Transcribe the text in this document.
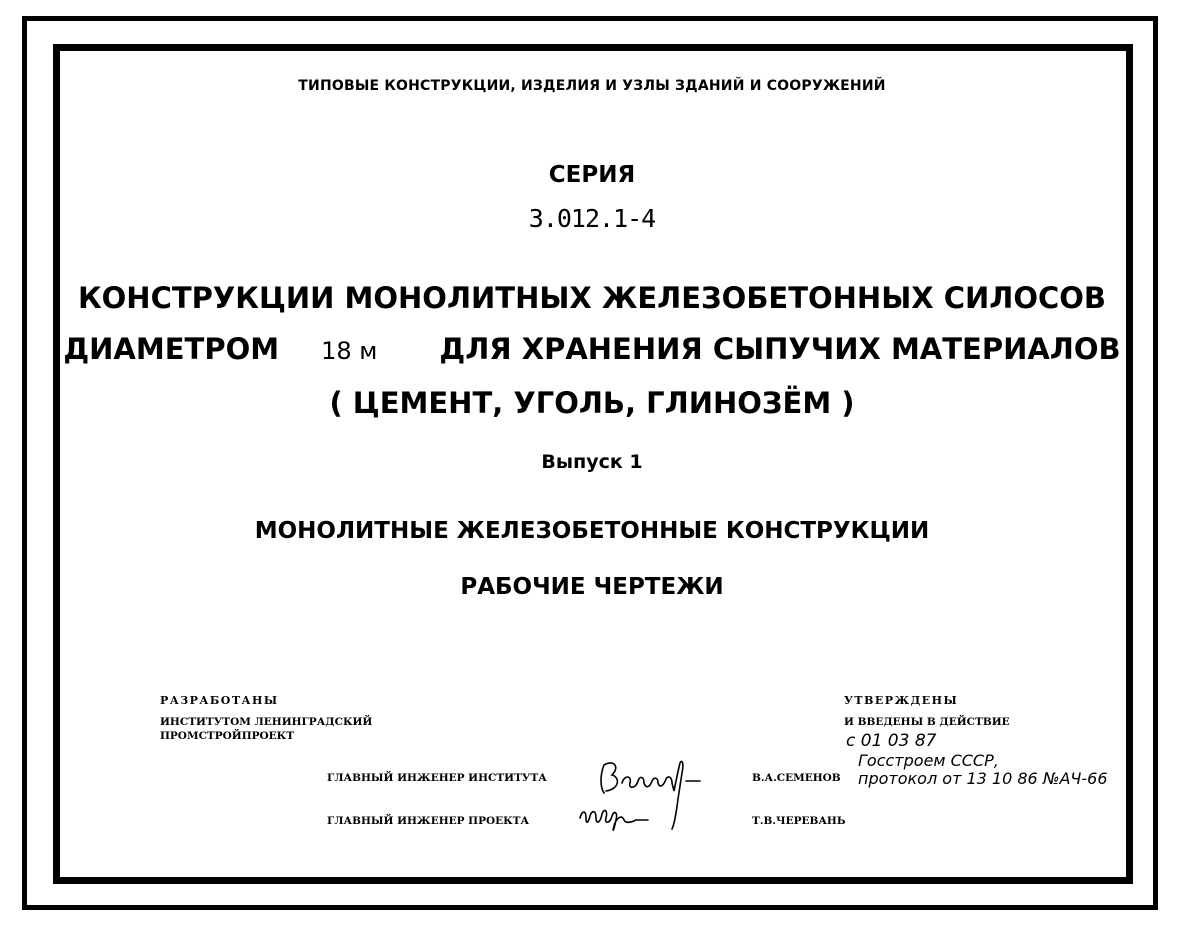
ТИПОВЫЕ КОНСТРУКЦИИ, ИЗДЕЛИЯ И УЗЛЫ ЗДАНИЙ И СООРУЖЕНИЙ
СЕРИЯ
3.012.1-4
КОНСТРУКЦИИ МОНОЛИТНЫХ ЖЕЛЕЗОБЕТОННЫХ СИЛОСОВ
ДИАМЕТРОМ 18 м ДЛЯ ХРАНЕНИЯ СЫПУЧИХ МАТЕРИАЛОВ
( ЦЕМЕНТ, УГОЛЬ, ГЛИНОЗЁМ )
Выпуск 1
МОНОЛИТНЫЕ ЖЕЛЕЗОБЕТОННЫЕ КОНСТРУКЦИИ
РАБОЧИЕ ЧЕРТЕЖИ
РАЗРАБОТАНЫ
ИНСТИТУТОМ ЛЕНИНГРАДСКИЙ
ПРОМСТРОЙПРОЕКТ
УТВЕРЖДЕНЫ
И ВВЕДЕНЫ В ДЕЙСТВИЕ
с 01 03 87
Госстроем СССР,
протокол от 13 10 86 №АЧ-66
ГЛАВНЫЙ ИНЖЕНЕР ИНСТИТУТА	В.А.СЕМЕНОВ
ГЛАВНЫЙ ИНЖЕНЕР ПРОЕКТА	Т.В.ЧЕРЕВАНЬ
